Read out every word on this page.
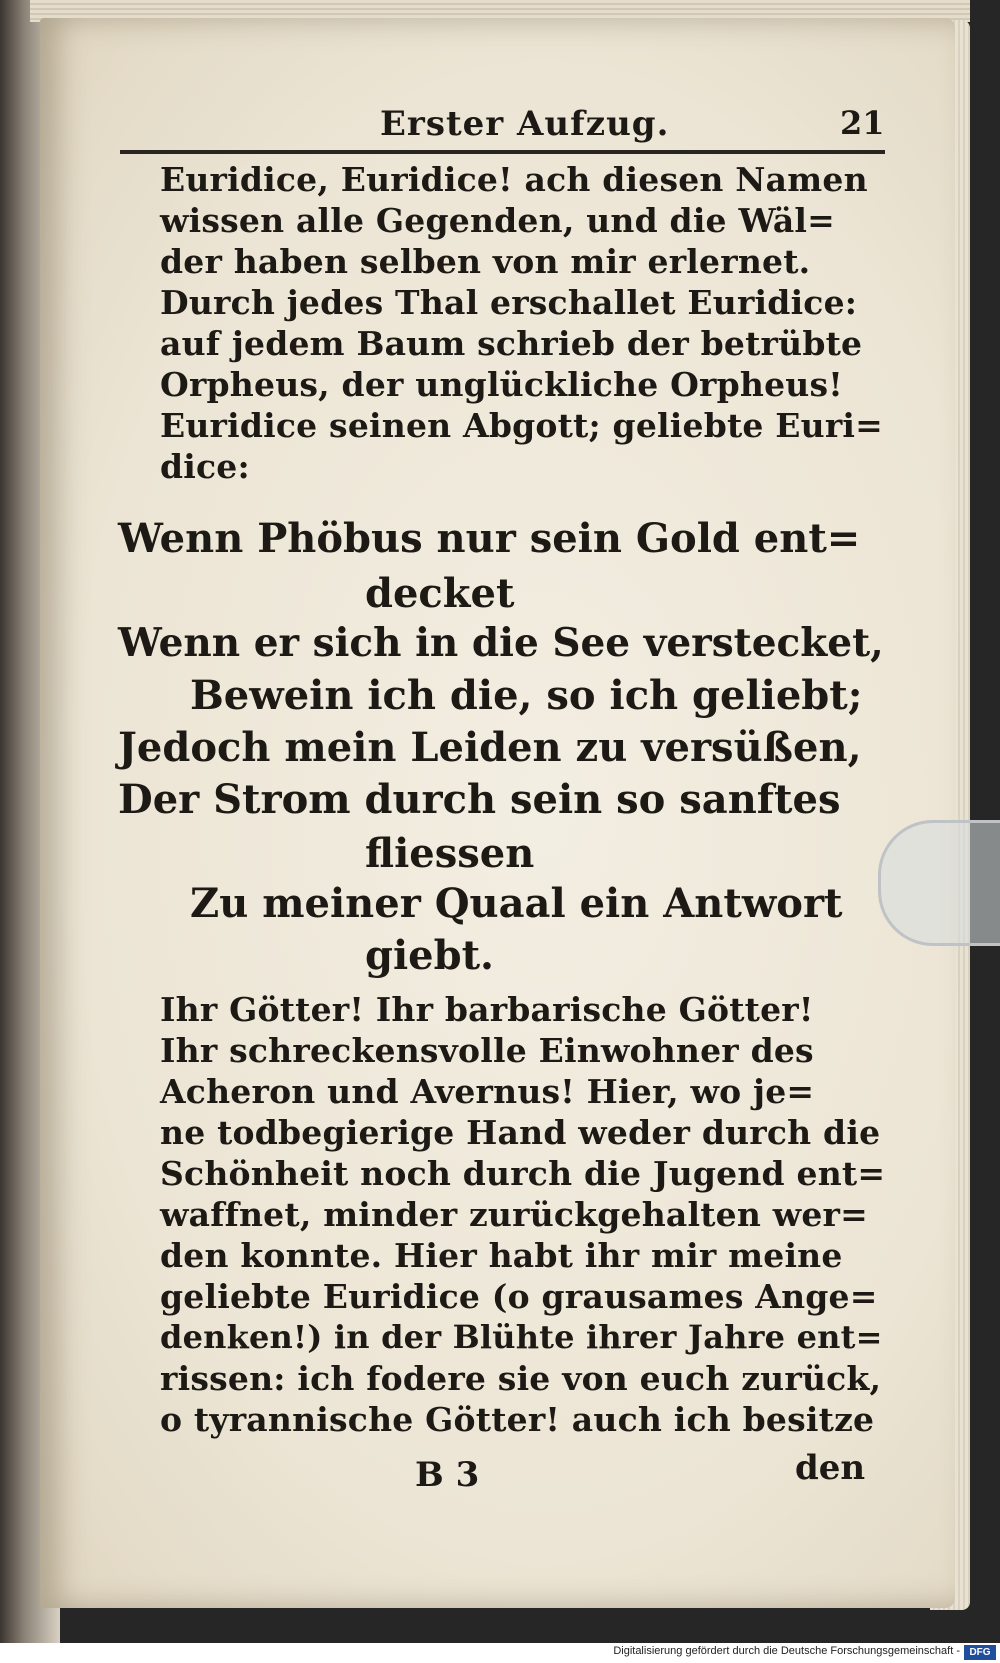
Erster Aufzug.	21
Euridice, Euridice! ach diesen Namen
wissen alle Gegenden, und die Wäl=
der haben selben von mir erlernet.
Durch jedes Thal erschallet Euridice:
auf jedem Baum schrieb der betrübte
Orpheus, der unglückliche Orpheus!
Euridice seinen Abgott; geliebte Euri=
dice:
Wenn Phöbus nur sein Gold ent=
decket
Wenn er sich in die See verstecket,
Bewein ich die, so ich geliebt;
Jedoch mein Leiden zu versüßen,
Der Strom durch sein so sanftes
fliessen
Zu meiner Quaal ein Antwort
giebt.
Ihr Götter! Ihr barbarische Götter!
Ihr schreckensvolle Einwohner des
Acheron und Avernus! Hier, wo je=
ne todbegierige Hand weder durch die
Schönheit noch durch die Jugend ent=
waffnet, minder zurückgehalten wer=
den konnte. Hier habt ihr mir meine
geliebte Euridice (o grausames Ange=
denken!) in der Blühte ihrer Jahre ent=
rissen: ich fodere sie von euch zurück,
o tyrannische Götter! auch ich besitze
B 3	den
Digitalisierung gefördert durch die Deutsche Forschungsgemeinschaft - DFG
